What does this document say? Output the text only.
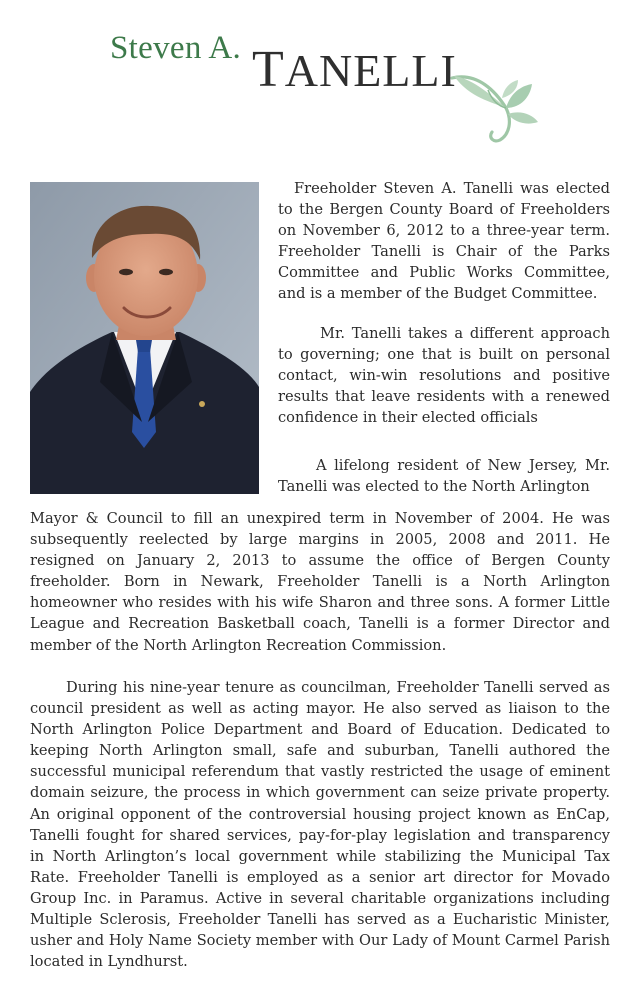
Steven A. TANELLI

Freeholder Steven A. Tanelli was elected to the Bergen County Board of Freeholders on November 6, 2012 to a three-year term. Freeholder Tanelli is Chair of the Parks Committee and Public Works Committee, and is a member of the Budget Committee.

Mr. Tanelli takes a different approach to governing; one that is built on personal contact, win-win resolutions and positive results that leave residents with a renewed confidence in their elected officials

A lifelong resident of New Jersey, Mr. Tanelli was elected to the North Arlington

Mayor & Council to fill an unexpired term in November of 2004. He was subsequently reelected by large margins in 2005, 2008 and 2011. He resigned on January 2, 2013 to assume the office of Bergen County freeholder. Born in Newark, Freeholder Tanelli is a North Arlington homeowner who resides with his wife Sharon and three sons. A former Little League and Recreation Basketball coach, Tanelli is a former Director and member of the North Arlington Recreation Commission.

During his nine-year tenure as councilman, Freeholder Tanelli served as council president as well as acting mayor. He also served as liaison to the North Arlington Police Department and Board of Education. Dedicated to keeping North Arlington small, safe and suburban, Tanelli authored the successful municipal referendum that vastly restricted the usage of eminent domain seizure, the process in which government can seize private property. An original opponent of the controversial housing project known as EnCap, Tanelli fought for shared services, pay-for-play legislation and transparency in North Arlington’s local government while stabilizing the Municipal Tax Rate. Freeholder Tanelli is employed as a senior art director for Movado Group Inc. in Paramus. Active in several charitable organizations including Multiple Sclerosis, Freeholder Tanelli has served as a Eucharistic Minister, usher and Holy Name Society member with Our Lady of Mount Carmel Parish located in Lyndhurst.
